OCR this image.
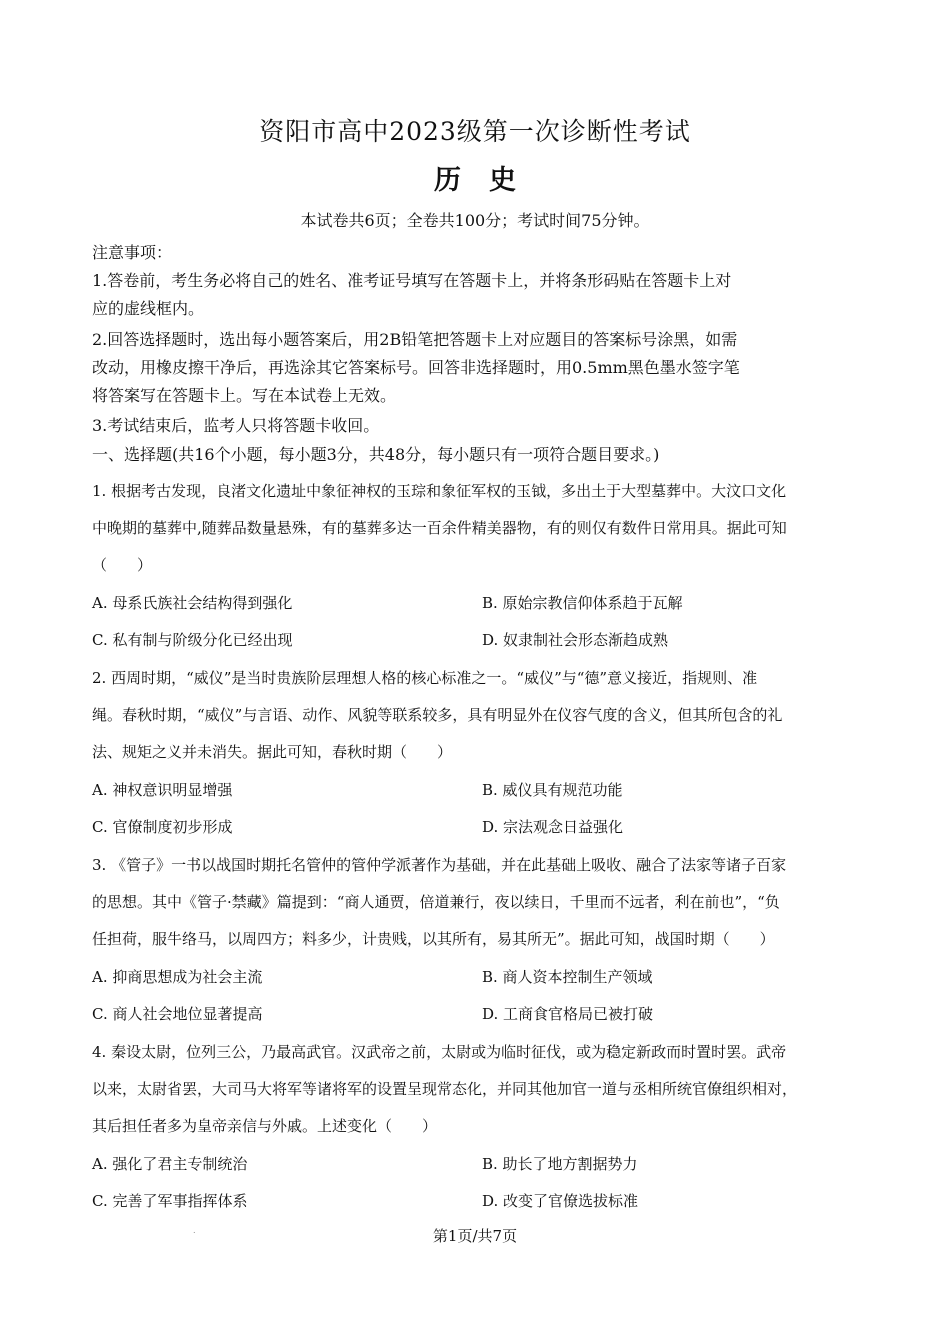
资阳市高中2023级第一次诊断性考试
历史
本试卷共6页；全卷共100分；考试时间75分钟。
注意事项：
1.答卷前，考生务必将自己的姓名、准考证号填写在答题卡上，并将条形码贴在答题卡上对
应的虚线框内。
2.回答选择题时，选出每小题答案后，用2B铅笔把答题卡上对应题目的答案标号涂黑，如需
改动，用橡皮擦干净后，再选涂其它答案标号。回答非选择题时，用0.5mm黑色墨水签字笔
将答案写在答题卡上。写在本试卷上无效。
3.考试结束后，监考人只将答题卡收回。
一、选择题(共16个小题，每小题3分，共48分，每小题只有一项符合题目要求。)
1. 根据考古发现，良渚文化遗址中象征神权的玉琮和象征军权的玉钺，多出土于大型墓葬中。大汶口文化
中晚期的墓葬中,随葬品数量悬殊，有的墓葬多达一百余件精美器物，有的则仅有数件日常用具。据此可知
（　　）
A. 母系氏族社会结构得到强化	B. 原始宗教信仰体系趋于瓦解
C. 私有制与阶级分化已经出现	D. 奴隶制社会形态渐趋成熟
2. 西周时期，“威仪”是当时贵族阶层理想人格的核心标准之一。“威仪”与“德”意义接近，指规则、准
绳。春秋时期，“威仪”与言语、动作、风貌等联系较多，具有明显外在仪容气度的含义，但其所包含的礼
法、规矩之义并未消失。据此可知，春秋时期（　　）
A. 神权意识明显增强	B. 威仪具有规范功能
C. 官僚制度初步形成	D. 宗法观念日益强化
3. 《管子》一书以战国时期托名管仲的管仲学派著作为基础，并在此基础上吸收、融合了法家等诸子百家
的思想。其中《管子·禁藏》篇提到：“商人通贾，倍道兼行，夜以续日，千里而不远者，利在前也”，“负
任担荷，服牛络马，以周四方；料多少，计贵贱，以其所有，易其所无”。据此可知，战国时期（　　）
A. 抑商思想成为社会主流	B. 商人资本控制生产领域
C. 商人社会地位显著提高	D. 工商食官格局已被打破
4. 秦设太尉，位列三公，乃最高武官。汉武帝之前，太尉或为临时征伐，或为稳定新政而时置时罢。武帝
以来，太尉省罢，大司马大将军等诸将军的设置呈现常态化，并同其他加官一道与丞相所统官僚组织相对，
其后担任者多为皇帝亲信与外戚。上述变化（　　）
A. 强化了君主专制统治	B. 助长了地方割据势力
C. 完善了军事指挥体系	D. 改变了官僚选拔标准
.	第1页/共7页
